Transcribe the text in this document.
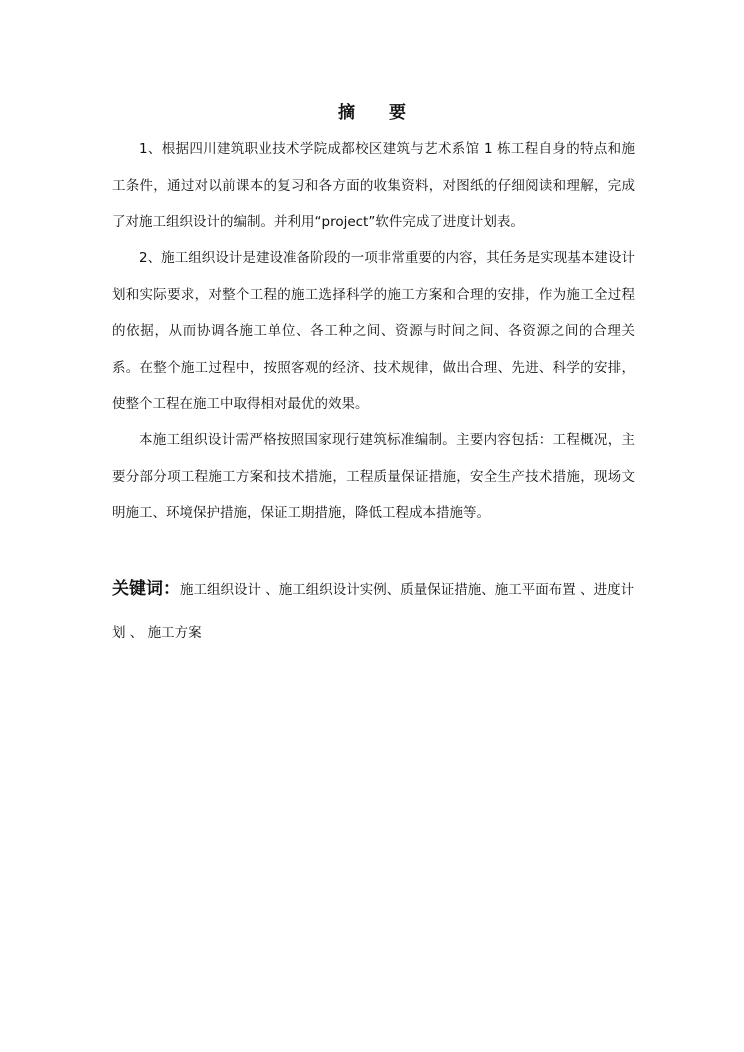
摘 要

1、根据四川建筑职业技术学院成都校区建筑与艺术系馆 1 栋工程自身的特点和施工条件，通过对以前课本的复习和各方面的收集资料，对图纸的仔细阅读和理解，完成了对施工组织设计的编制。并利用“project”软件完成了进度计划表。

2、施工组织设计是建设准备阶段的一项非常重要的内容，其任务是实现基本建设计划和实际要求，对整个工程的施工选择科学的施工方案和合理的安排，作为施工全过程的依据，从而协调各施工单位、各工种之间、资源与时间之间、各资源之间的合理关系。在整个施工过程中，按照客观的经济、技术规律，做出合理、先进、科学的安排，使整个工程在施工中取得相对最优的效果。

本施工组织设计需严格按照国家现行建筑标准编制。主要内容包括：工程概况，主要分部分项工程施工方案和技术措施，工程质量保证措施，安全生产技术措施，现场文明施工、环境保护措施，保证工期措施，降低工程成本措施等。

关键词：施工组织设计 、施工组织设计实例、质量保证措施、施工平面布置 、进度计划 、 施工方案
